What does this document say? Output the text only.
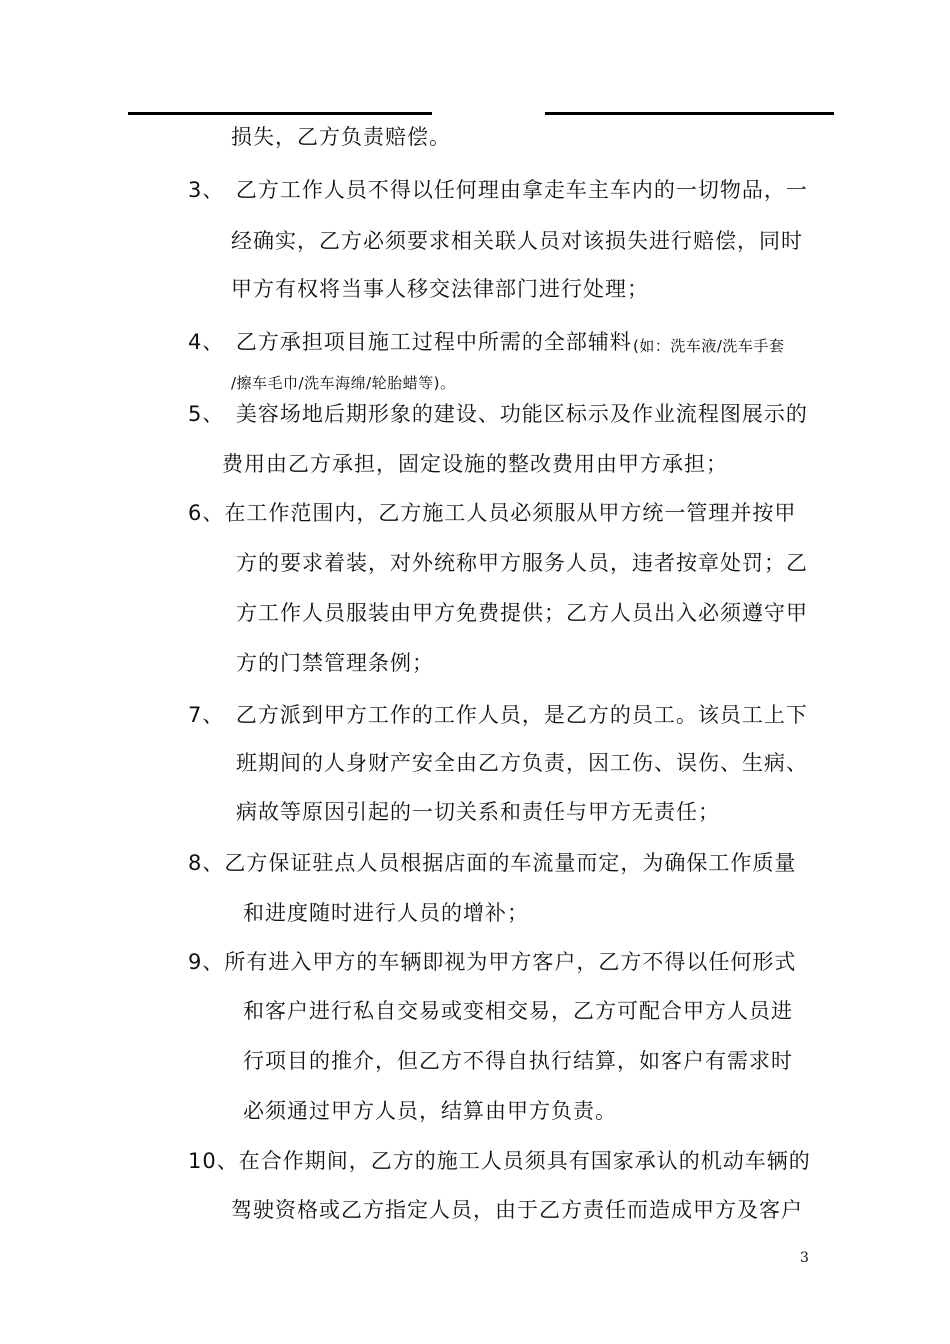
损失，乙方负责赔偿。
3、　乙方工作人员不得以任何理由拿走车主车内的一切物品，一
经确实，乙方必须要求相关联人员对该损失进行赔偿，同时
甲方有权将当事人移交法律部门进行处理；
4、　乙方承担项目施工过程中所需的全部辅料 (如：洗车液/洗车手套
/擦车毛巾/洗车海绵/轮胎蜡等)。
5、　美容场地后期形象的建设、功能区标示及作业流程图展示的
费用由乙方承担，固定设施的整改费用由甲方承担；
6、在工作范围内，乙方施工人员必须服从甲方统一管理并按甲
方的要求着装，对外统称甲方服务人员，违者按章处罚；乙
方工作人员服装由甲方免费提供；乙方人员出入必须遵守甲
方的门禁管理条例；
7、　乙方派到甲方工作的工作人员，是乙方的员工。该员工上下
班期间的人身财产安全由乙方负责，因工伤、误伤、生病、
病故等原因引起的一切关系和责任与甲方无责任；
8、乙方保证驻点人员根据店面的车流量而定，为确保工作质量
和进度随时进行人员的增补；
9、所有进入甲方的车辆即视为甲方客户，乙方不得以任何形式
和客户进行私自交易或变相交易，乙方可配合甲方人员进
行项目的推介，但乙方不得自执行结算，如客户有需求时
必须通过甲方人员，结算由甲方负责。
10、在合作期间，乙方的施工人员须具有国家承认的机动车辆的
驾驶资格或乙方指定人员，由于乙方责任而造成甲方及客户
3
